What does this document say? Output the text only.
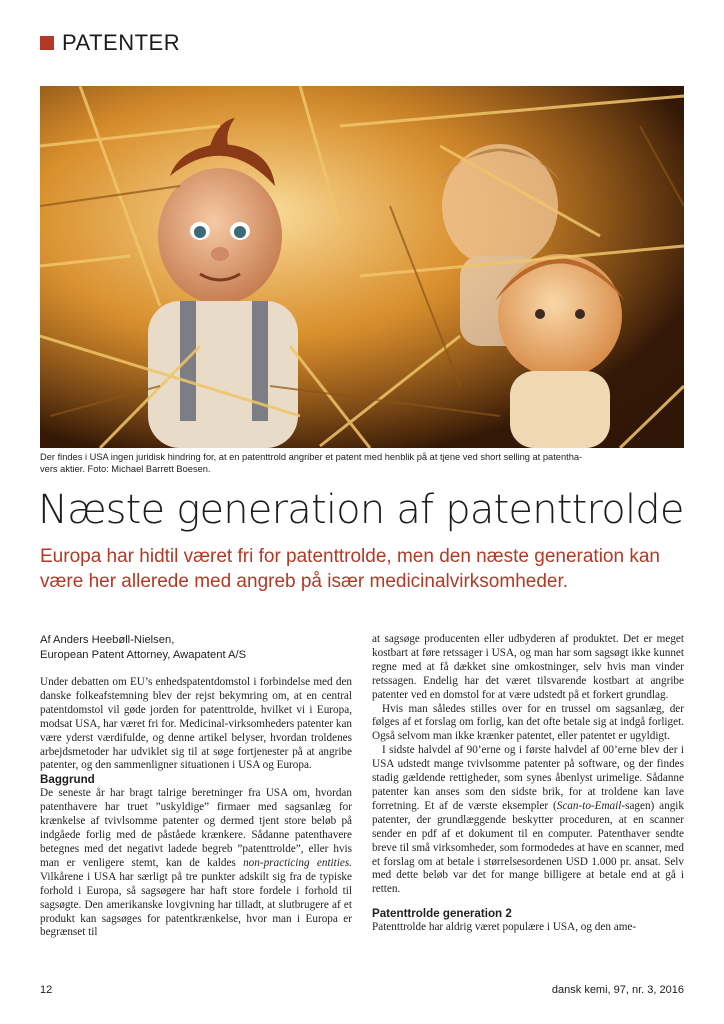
PATENTER
Der findes i USA ingen juridisk hindring for, at en patenttrold angriber et patent med henblik på at tjene ved short selling at patentha-
vers aktier. Foto: Michael Barrett Boesen.
Næste generation af patenttrolde
Europa har hidtil været fri for patenttrolde, men den næste generation kan være her allerede med angreb på især medicinalvirksomheder.

Af Anders Heebøll-Nielsen,
European Patent Attorney, Awapatent A/S

Under debatten om EU’s enhedspatentdomstol i forbindelse med den danske folkeafstemning blev der rejst bekymring om, at en central patentdomstol vil gøde jorden for patenttrolde, hvilket vi i Europa, modsat USA, har været fri for. Medicinal-virksomheders patenter kan være yderst værdifulde, og denne artikel belyser, hvordan troldenes arbejdsmetoder har udviklet sig til at søge fortjenester på at angribe patenter, og den sammenligner situationen i USA og Europa.

Baggrund

De seneste år har bragt talrige beretninger fra USA om, hvordan patenthavere har truet ”uskyldige” firmaer med sagsanlæg for krænkelse af tvivlsomme patenter og dermed tjent store beløb på indgåede forlig med de påståede krænkere. Sådanne patenthavere betegnes med det negativt ladede begreb ”patenttrolde”, eller hvis man er venligere stemt, kan de kaldes non-practicing entities. Vilkårene i USA har særligt på tre punkter adskilt sig fra de typiske forhold i Europa, så sagsøgere har haft store fordele i forhold til sagsøgte. Den amerikanske lovgivning har tilladt, at slutbrugere af et produkt kan sagsøges for patentkrænkelse, hvor man i Europa er begrænset til

at sagsøge producenten eller udbyderen af produktet. Det er meget kostbart at føre retssager i USA, og man har som sagsøgt ikke kunnet regne med at få dækket sine omkostninger, selv hvis man vinder retssagen. Endelig har det været tilsvarende kostbart at angribe patenter ved en domstol for at være udstedt på et forkert grundlag.

Hvis man således stilles over for en trussel om sagsanlæg, der følges af et forslag om forlig, kan det ofte betale sig at indgå forliget. Også selvom man ikke krænker patentet, eller patentet er ugyldigt.

I sidste halvdel af 90’erne og i første halvdel af 00’erne blev der i USA udstedt mange tvivlsomme patenter på software, og der findes stadig gældende rettigheder, som synes åbenlyst urimelige. Sådanne patenter kan anses som den sidste brik, for at troldene kan lave forretning. Et af de værste eksempler (Scan-to-Email-sagen) angik patenter, der grundlæggende beskytter proceduren, at en scanner sender en pdf af et dokument til en computer. Patenthaver sendte breve til små virksomheder, som formodedes at have en scanner, med et forslag om at betale i størrelsesordenen USD 1.000 pr. ansat. Selv med dette beløb var det for mange billigere at betale end at gå i retten.

Patenttrolde generation 2

Patenttrolde har aldrig været populære i USA, og den ame-

12	dansk kemi, 97, nr. 3, 2016
